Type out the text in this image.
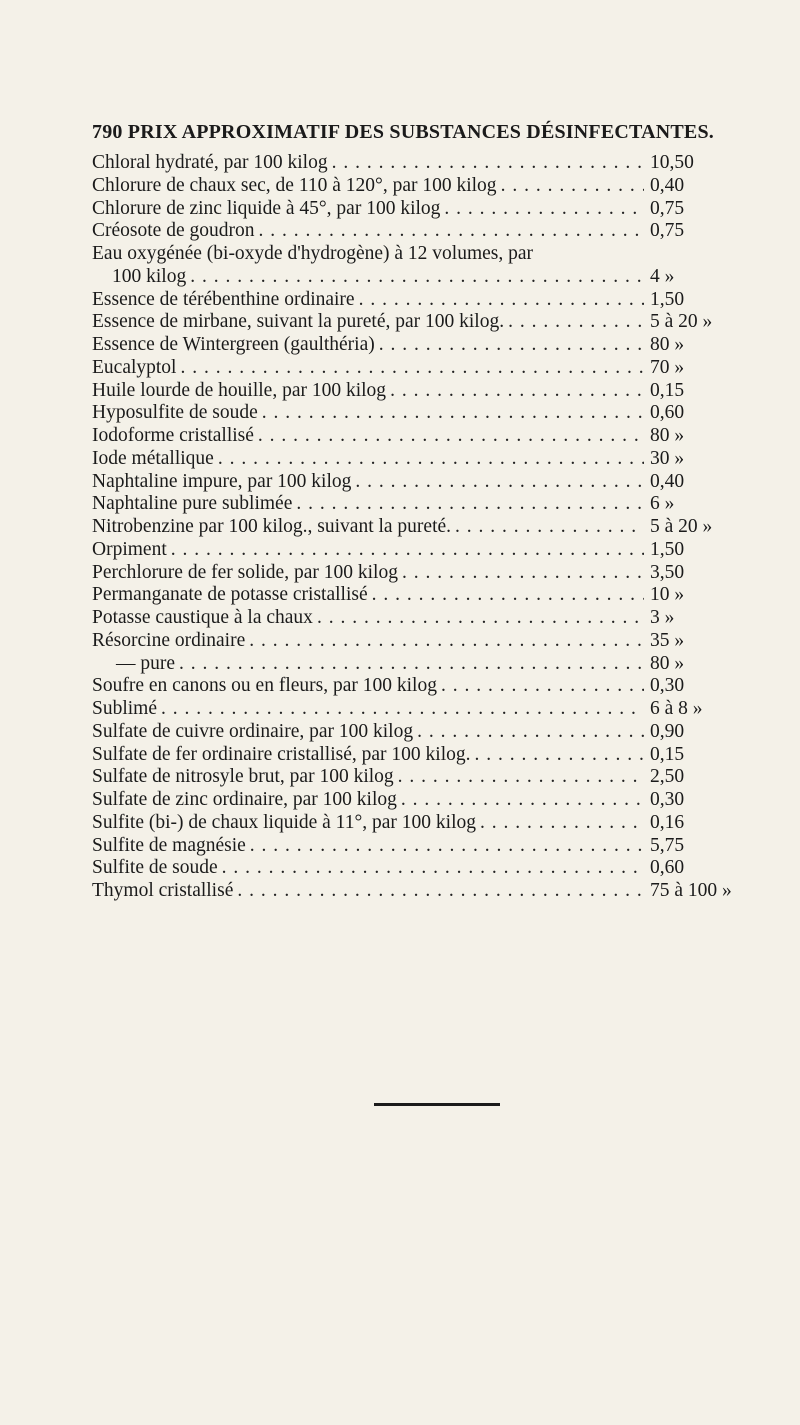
790 PRIX APPROXIMATIF DES SUBSTANCES DÉSINFECTANTES.
Chloral hydraté, par 100 kilog . . .	10,50
Chlorure de chaux sec, de 110 à 120°, par 100 kilog . . .	0,40
Chlorure de zinc liquide à 45°, par 100 kilog . . .	0,75
Créosote de goudron . . .	0,75
Eau oxygénée (bi-oxyde d'hydrogène) à 12 volumes, par
100 kilog . . .	4 »
Essence de térébenthine ordinaire . . .	1,50
Essence de mirbane, suivant la pureté, par 100 kilog. . . .	5 à 20 »
Essence de Wintergreen (gaulthéria) . . .	80 »
Eucalyptol . . .	70 »
Huile lourde de houille, par 100 kilog . . .	0,15
Hyposulfite de soude . . .	0,60
Iodoforme cristallisé . . .	80 »
Iode métallique . . .	30 »
Naphtaline impure, par 100 kilog . . .	0,40
Naphtaline pure sublimée . . .	6 »
Nitrobenzine par 100 kilog., suivant la pureté. . . .	5 à 20 »
Orpiment . . .	1,50
Perchlorure de fer solide, par 100 kilog . . .	3,50
Permanganate de potasse cristallisé . . .	10 »
Potasse caustique à la chaux . . .	3 »
Résorcine ordinaire . . .	35 »
— pure . . .	80 »
Soufre en canons ou en fleurs, par 100 kilog . . .	0,30
Sublimé . . .	6 à 8 »
Sulfate de cuivre ordinaire, par 100 kilog . . .	0,90
Sulfate de fer ordinaire cristallisé, par 100 kilog. . . .	0,15
Sulfate de nitrosyle brut, par 100 kilog . . .	2,50
Sulfate de zinc ordinaire, par 100 kilog . . .	0,30
Sulfite (bi-) de chaux liquide à 11°, par 100 kilog . . .	0,16
Sulfite de magnésie . . .	5,75
Sulfite de soude . . .	0,60
Thymol cristallisé . . .	75 à 100 »
